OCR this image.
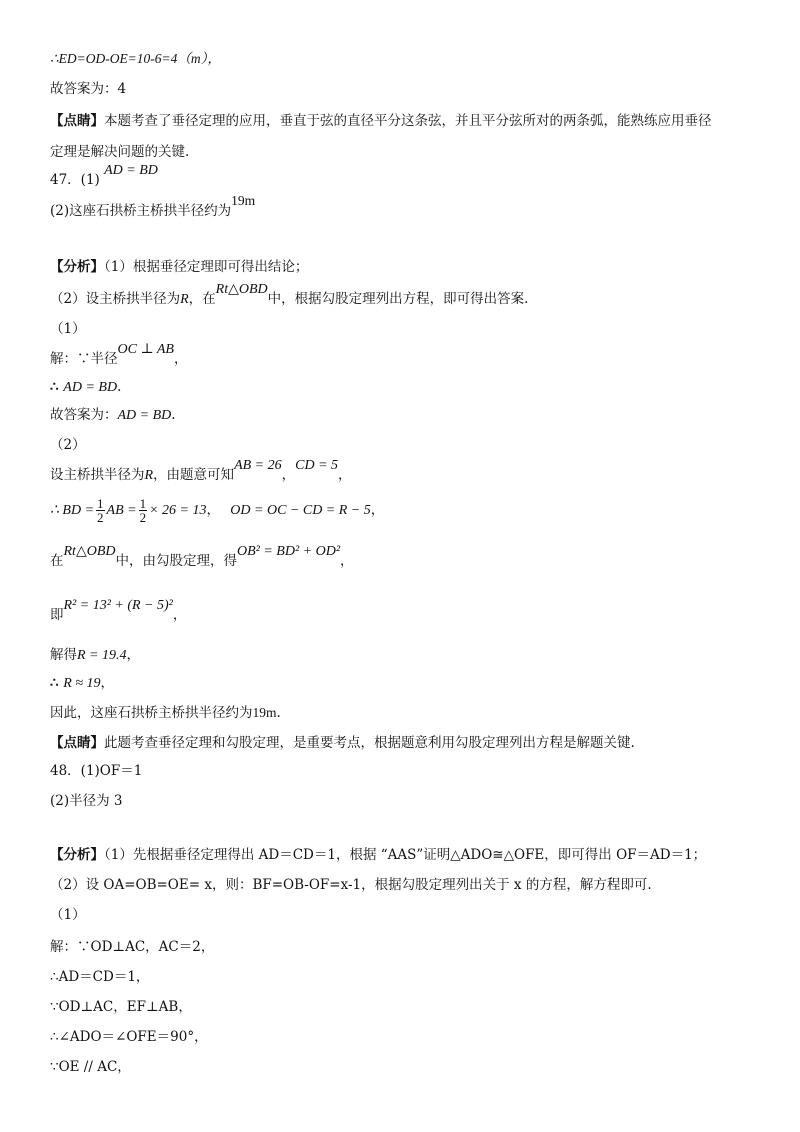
∴ED=OD-OE=10-6=4（m），
故答案为：4
【点睛】本题考查了垂径定理的应用，垂直于弦的直径平分这条弦，并且平分弦所对的两条弧，能熟练应用垂径
定理是解决问题的关键.
47．(1) AD = BD
(2)这座石拱桥主桥拱半径约为19m
【分析】（1）根据垂径定理即可得出结论；
（2）设主桥拱半径为R，在Rt△OBD中，根据勾股定理列出方程，即可得出答案.
（1）
解：∵半径OC ⊥ AB，
∴ AD = BD.
故答案为：AD = BD.
（2）
设主桥拱半径为R，由题意可知AB = 26，CD = 5，
∴ BD = $\frac{1}{2}$ AB = $\frac{1}{2} \times 26 = 13$， OD = OC − CD = R − 5，
在Rt△OBD中，由勾股定理，得OB² = BD² + OD²，
即R² = 13² + (R − 5)²，
解得R = 19.4，
∴ R ≈ 19，
因此，这座石拱桥主桥拱半径约为19m.
【点睛】此题考查垂径定理和勾股定理，是重要考点，根据题意利用勾股定理列出方程是解题关键.
48．(1)OF＝1
(2)半径为 3
【分析】（1）先根据垂径定理得出 AD＝CD＝1，根据 “AAS”证明△ADO≅△OFE，即可得出 OF＝AD＝1；
（2）设 OA=OB=OE= x，则：BF=OB-OF=x-1，根据勾股定理列出关于 x 的方程，解方程即可.
（1）
解：∵OD⊥AC，AC＝2，
∴AD＝CD＝1，
∵OD⊥AC，EF⊥AB，
∴∠ADO＝∠OFE＝90°，
∵OE // AC，
